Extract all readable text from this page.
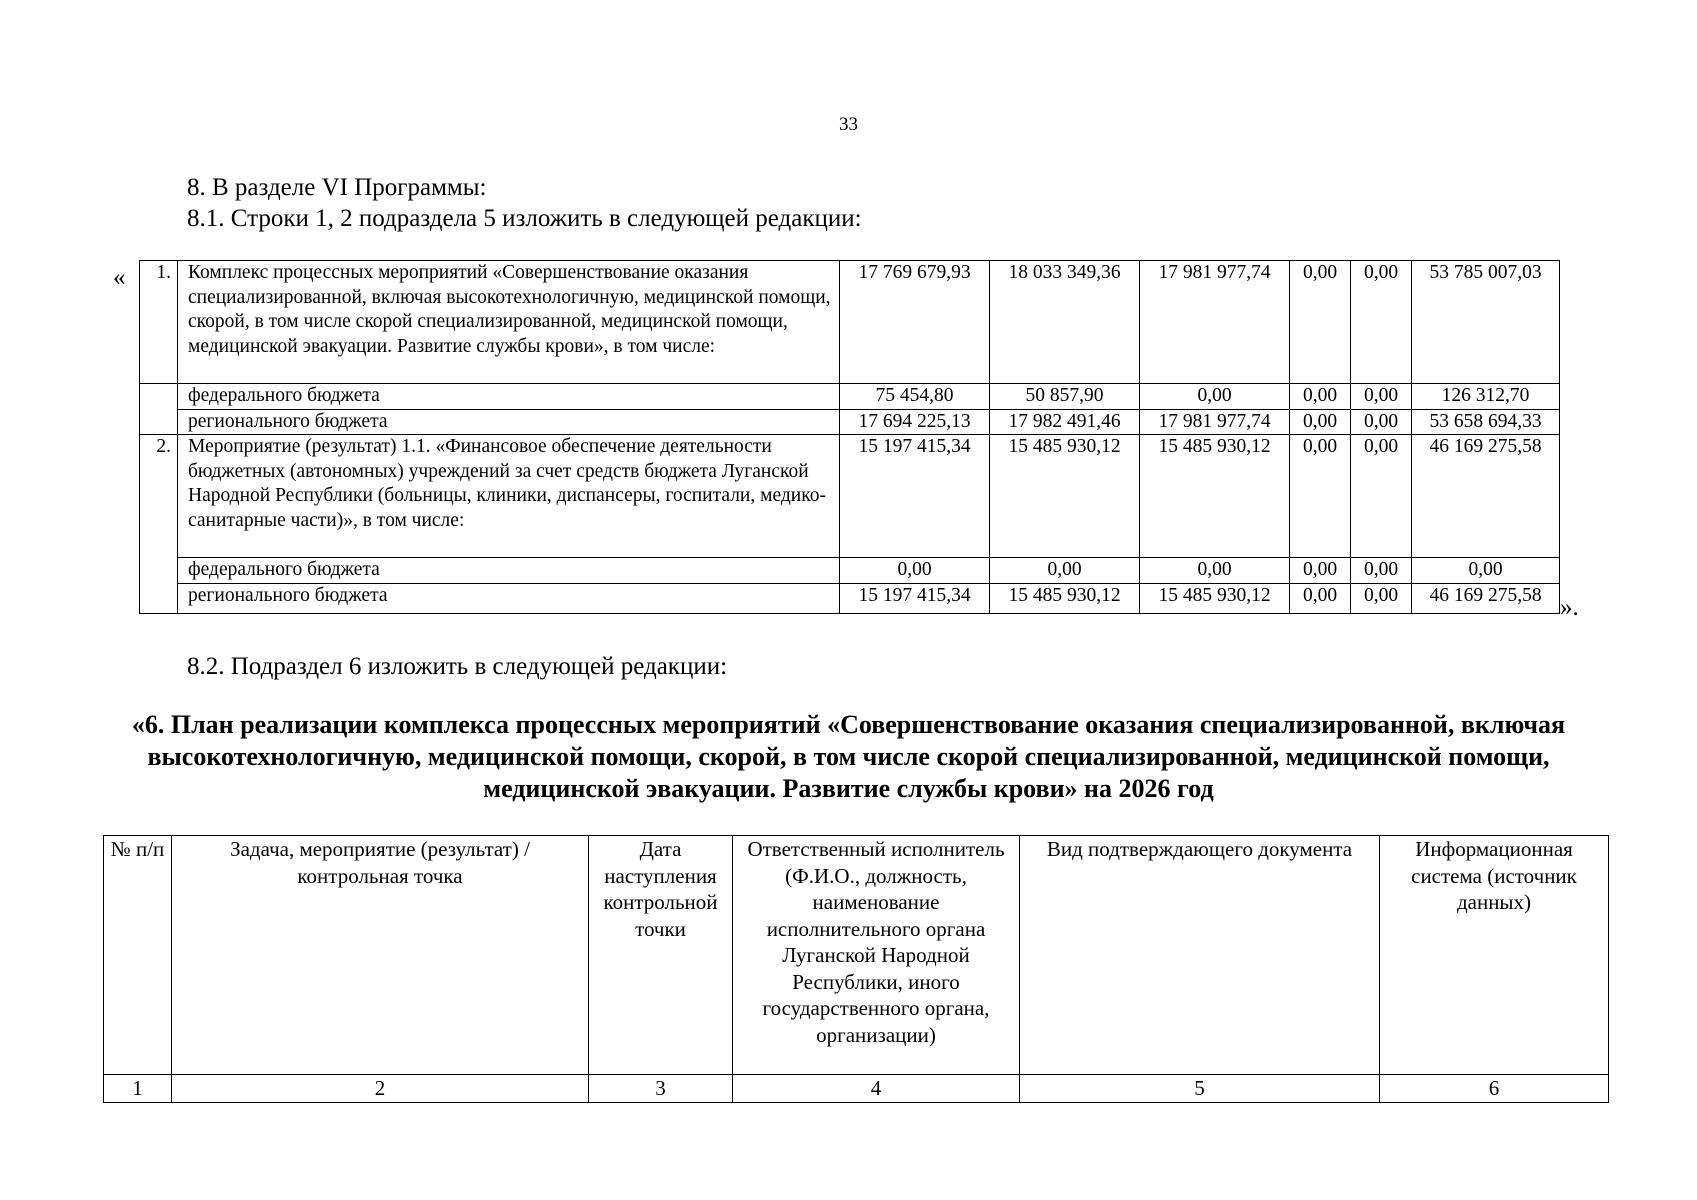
33
8. В разделе VI Программы:
8.1. Строки 1, 2 подраздела 5 изложить в следующей редакции:
« 1.	Комплекс процессных мероприятий «Совершенствование оказания специализированной, включая высокотехнологичную, медицинской помощи, скорой, в том числе скорой специализированной, медицинской помощи, медицинской эвакуации. Развитие службы крови», в том числе:	17 769 679,93	18 033 349,36	17 981 977,74	0,00	0,00	53 785 007,03
	федерального бюджета	75 454,80	50 857,90	0,00	0,00	0,00	126 312,70
	регионального бюджета	17 694 225,13	17 982 491,46	17 981 977,74	0,00	0,00	53 658 694,33
2.	Мероприятие (результат) 1.1. «Финансовое обеспечение деятельности бюджетных (автономных) учреждений за счет средств бюджета Луганской Народной Республики (больницы, клиники, диспансеры, госпитали, медико-санитарные части)», в том числе:	15 197 415,34	15 485 930,12	15 485 930,12	0,00	0,00	46 169 275,58
	федерального бюджета	0,00	0,00	0,00	0,00	0,00	0,00
	регионального бюджета	15 197 415,34	15 485 930,12	15 485 930,12	0,00	0,00	46 169 275,58 ».
8.2. Подраздел 6 изложить в следующей редакции:
«6. План реализации комплекса процессных мероприятий «Совершенствование оказания специализированной, включая высокотехнологичную, медицинской помощи, скорой, в том числе скорой специализированной, медицинской помощи, медицинской эвакуации. Развитие службы крови» на 2026 год
№ п/п	Задача, мероприятие (результат) / контрольная точка	Дата наступления контрольной точки	Ответственный исполнитель (Ф.И.О., должность, наименование исполнительного органа Луганской Народной Республики, иного государственного органа, организации)	Вид подтверждающего документа	Информационная система (источник данных)
1	2	3	4	5	6
